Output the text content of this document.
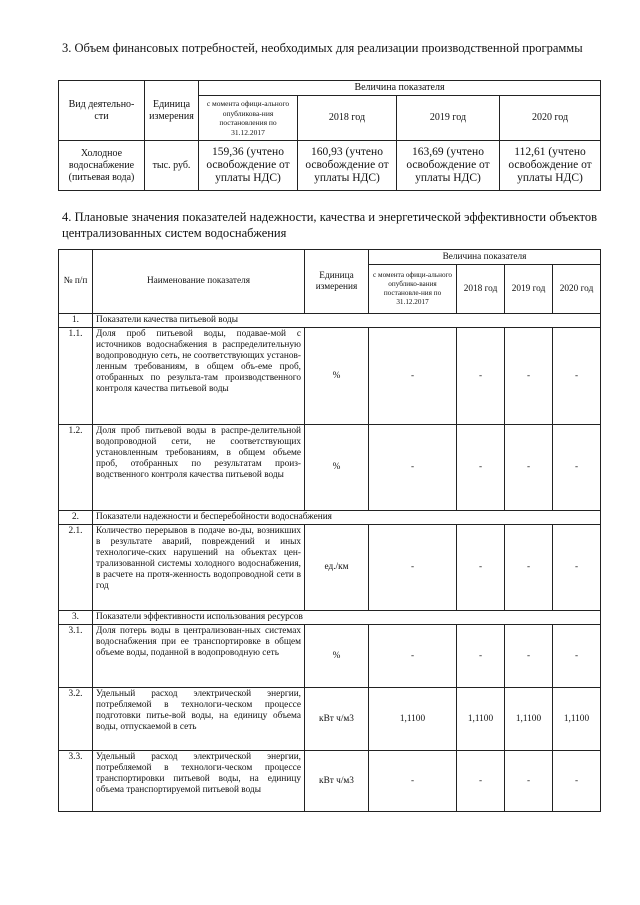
3. Объем финансовых потребностей, необходимых для реализации производственной программы
Вид деятельно-сти	Единица измерения	Величина показателя			
		с момента офици-ального опубликова-ния постановления по 31.12.2017	2018 год	2019 год	2020 год
Холодное водоснабжение (питьевая вода)	тыс. руб.	159,36 (учтено освобождение от уплаты НДС)	160,93 (учтено освобождение от уплаты НДС)	163,69 (учтено освобождение от уплаты НДС)	112,61 (учтено освобождение от уплаты НДС)
4. Плановые значения показателей надежности, качества и энергетической эффективности объектов централизованных систем водоснабжения
№ п/п	Наименование показателя	Единица измерения	Величина показателя			
			с момента офици-ального опублико-вания постановле-ния по 31.12.2017	2018 год	2019 год	2020 год
1.	Показатели качества питьевой воды					
1.1.	Доля проб питьевой воды, подавае-мой с источников водоснабжения в распределительную водопроводную сеть, не соответствующих установ-ленным требованиям, в общем объ-еме проб, отобранных по результа-там производственного контроля качества питьевой воды	%	-	-	-	-
1.2.	Доля проб питьевой воды в распре-делительной водопроводной сети, не соответствующих установленным требованиям, в общем объеме проб, отобранных по результатам произ-водственного контроля качества питьевой воды	%	-	-	-	-
2.	Показатели надежности и бесперебойности водоснабжения					
2.1.	Количество перерывов в подаче во-ды, возникших в результате аварий, повреждений и иных технологиче-ских нарушений на объектах цен-трализованной системы холодного водоснабжения, в расчете на протя-женность водопроводной сети в год	ед./км	-	-	-	-
3.	Показатели эффективности использования ресурсов					
3.1.	Доля потерь воды в централизован-ных системах водоснабжения при ее транспортировке в общем объеме воды, поданной в водопроводную сеть	%	-	-	-	-
3.2.	Удельный расход электрической энергии, потребляемой в технологи-ческом процессе подготовки питье-вой воды, на единицу объема воды, отпускаемой в сеть	кВт ч/м3	1,1100	1,1100	1,1100	1,1100
3.3.	Удельный расход электрической энергии, потребляемой в технологи-ческом процессе транспортировки питьевой воды, на единицу объема транспортируемой питьевой воды	кВт ч/м3	-	-	-	-
